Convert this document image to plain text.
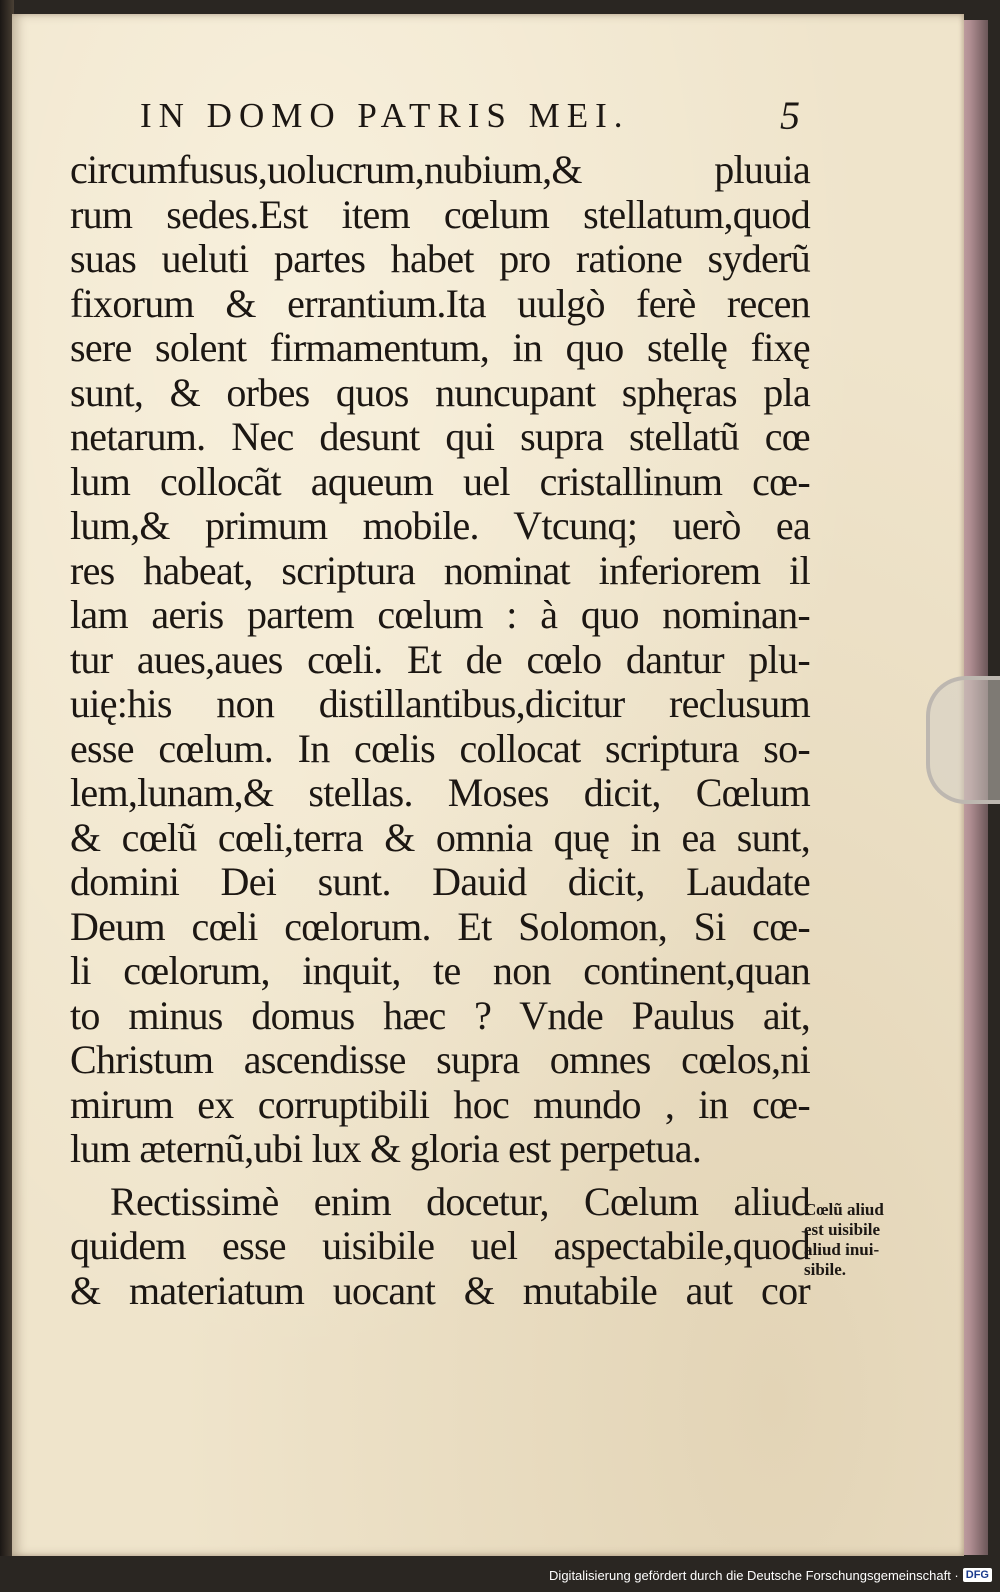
IN DOMO PATRIS MEI.	5
circumfusus,uolucrum,nubium,& pluuia
rum sedes.Est item cœlum stellatum,quod
suas ueluti partes habet pro ratione syderũ
fixorum & errantium.Ita uulgò ferè recen
sere solent firmamentum, in quo stellę fixę
sunt, & orbes quos nuncupant sphęras pla
netarum. Nec desunt qui supra stellatũ cœ
lum collocãt aqueum uel cristallinum cœ-
lum,& primum mobile. Vtcunq; uerò ea
res habeat, scriptura nominat inferiorem il
lam aeris partem cœlum : à quo nominan-
tur aues,aues cœli. Et de cœlo dantur plu-
uię:his non distillantibus,dicitur reclusum
esse cœlum. In cœlis collocat scriptura so-
lem,lunam,& stellas. Moses dicit, Cœlum
& cœlũ cœli,terra & omnia quę in ea sunt,
domini Dei sunt. Dauid dicit, Laudate
Deum cœli cœlorum. Et Solomon, Si cœ-
li cœlorum, inquit, te non continent,quan
to minus domus hæc ? Vnde Paulus ait,
Christum ascendisse supra omnes cœlos,ni
mirum ex corruptibili hoc mundo , in cœ-
lum æternũ,ubi lux & gloria est perpetua.
Rectissimè enim docetur, Cœlum aliud
quidem esse uisibile uel aspectabile,quod
& materiatum uocant & mutabile aut cor
Cœlũ aliud
est uisibile
aliud inui-
sibile.
Digitalisierung gefördert durch die Deutsche Forschungsgemeinschaft · DFG
